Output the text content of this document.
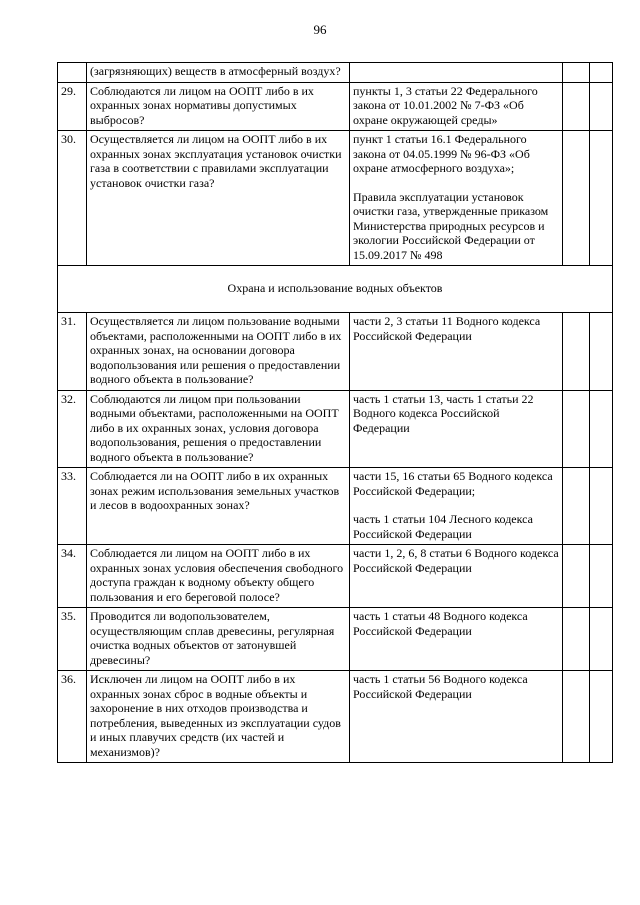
96
	(загрязняющих) веществ в атмосферный воздух?	

29.	Соблюдаются ли лицом на ООПТ либо в их охранных зонах нормативы допустимых выбросов?	пункты 1, 3 статьи 22 Федерального закона от 10.01.2002 № 7-ФЗ «Об охране окружающей среды»		

30.	Осуществляется ли лицом на ООПТ либо в их охранных зонах эксплуатация установок очистки газа в соответствии с правилами эксплуатации установок очистки газа?	пункт 1 статьи 16.1 Федерального закона от 04.05.1999 № 96-ФЗ «Об охране атмосферного воздуха»;

Правила эксплуатации установок очистки газа, утвержденные приказом Министерства природных ресурсов и экологии Российской Федерации от 15.09.2017 № 498		

Охрана и использование водных объектов				
31.	Осуществляется ли лицом пользование водными объектами, расположенными на ООПТ либо в их охранных зонах, на основании договора водопользования или решения о предоставлении водного объекта в пользование?	части 2, 3 статьи 11 Водного кодекса Российской Федерации		

32.	Соблюдаются ли лицом при пользовании водными объектами, расположенными на ООПТ либо в их охранных зонах, условия договора водопользования, решения о предоставлении водного объекта в пользование?	часть 1 статьи 13, часть 1 статьи 22 Водного кодекса Российской Федерации		

33.	Соблюдается ли на ООПТ либо в их охранных зонах режим использования земельных участков и лесов в водоохранных зонах?	части 15, 16 статьи 65 Водного кодекса Российской Федерации;

часть 1 статьи 104 Лесного кодекса Российской Федерации		

34.	Соблюдается ли лицом на ООПТ либо в их охранных зонах условия обеспечения свободного доступа граждан к водному объекту общего пользования и его береговой полосе?	части 1, 2, 6, 8 статьи 6 Водного кодекса Российской Федерации		

35.	Проводится ли водопользователем, осуществляющим сплав древесины, регулярная очистка водных объектов от затонувшей древесины?	часть 1 статьи 48 Водного кодекса Российской Федерации		

36.	Исключен ли лицом на ООПТ либо в их охранных зонах сброс в водные объекты и захоронение в них отходов производства и потребления, выведенных из эксплуатации судов и иных плавучих средств (их частей и механизмов)?	часть 1 статьи 56 Водного кодекса Российской Федерации		
